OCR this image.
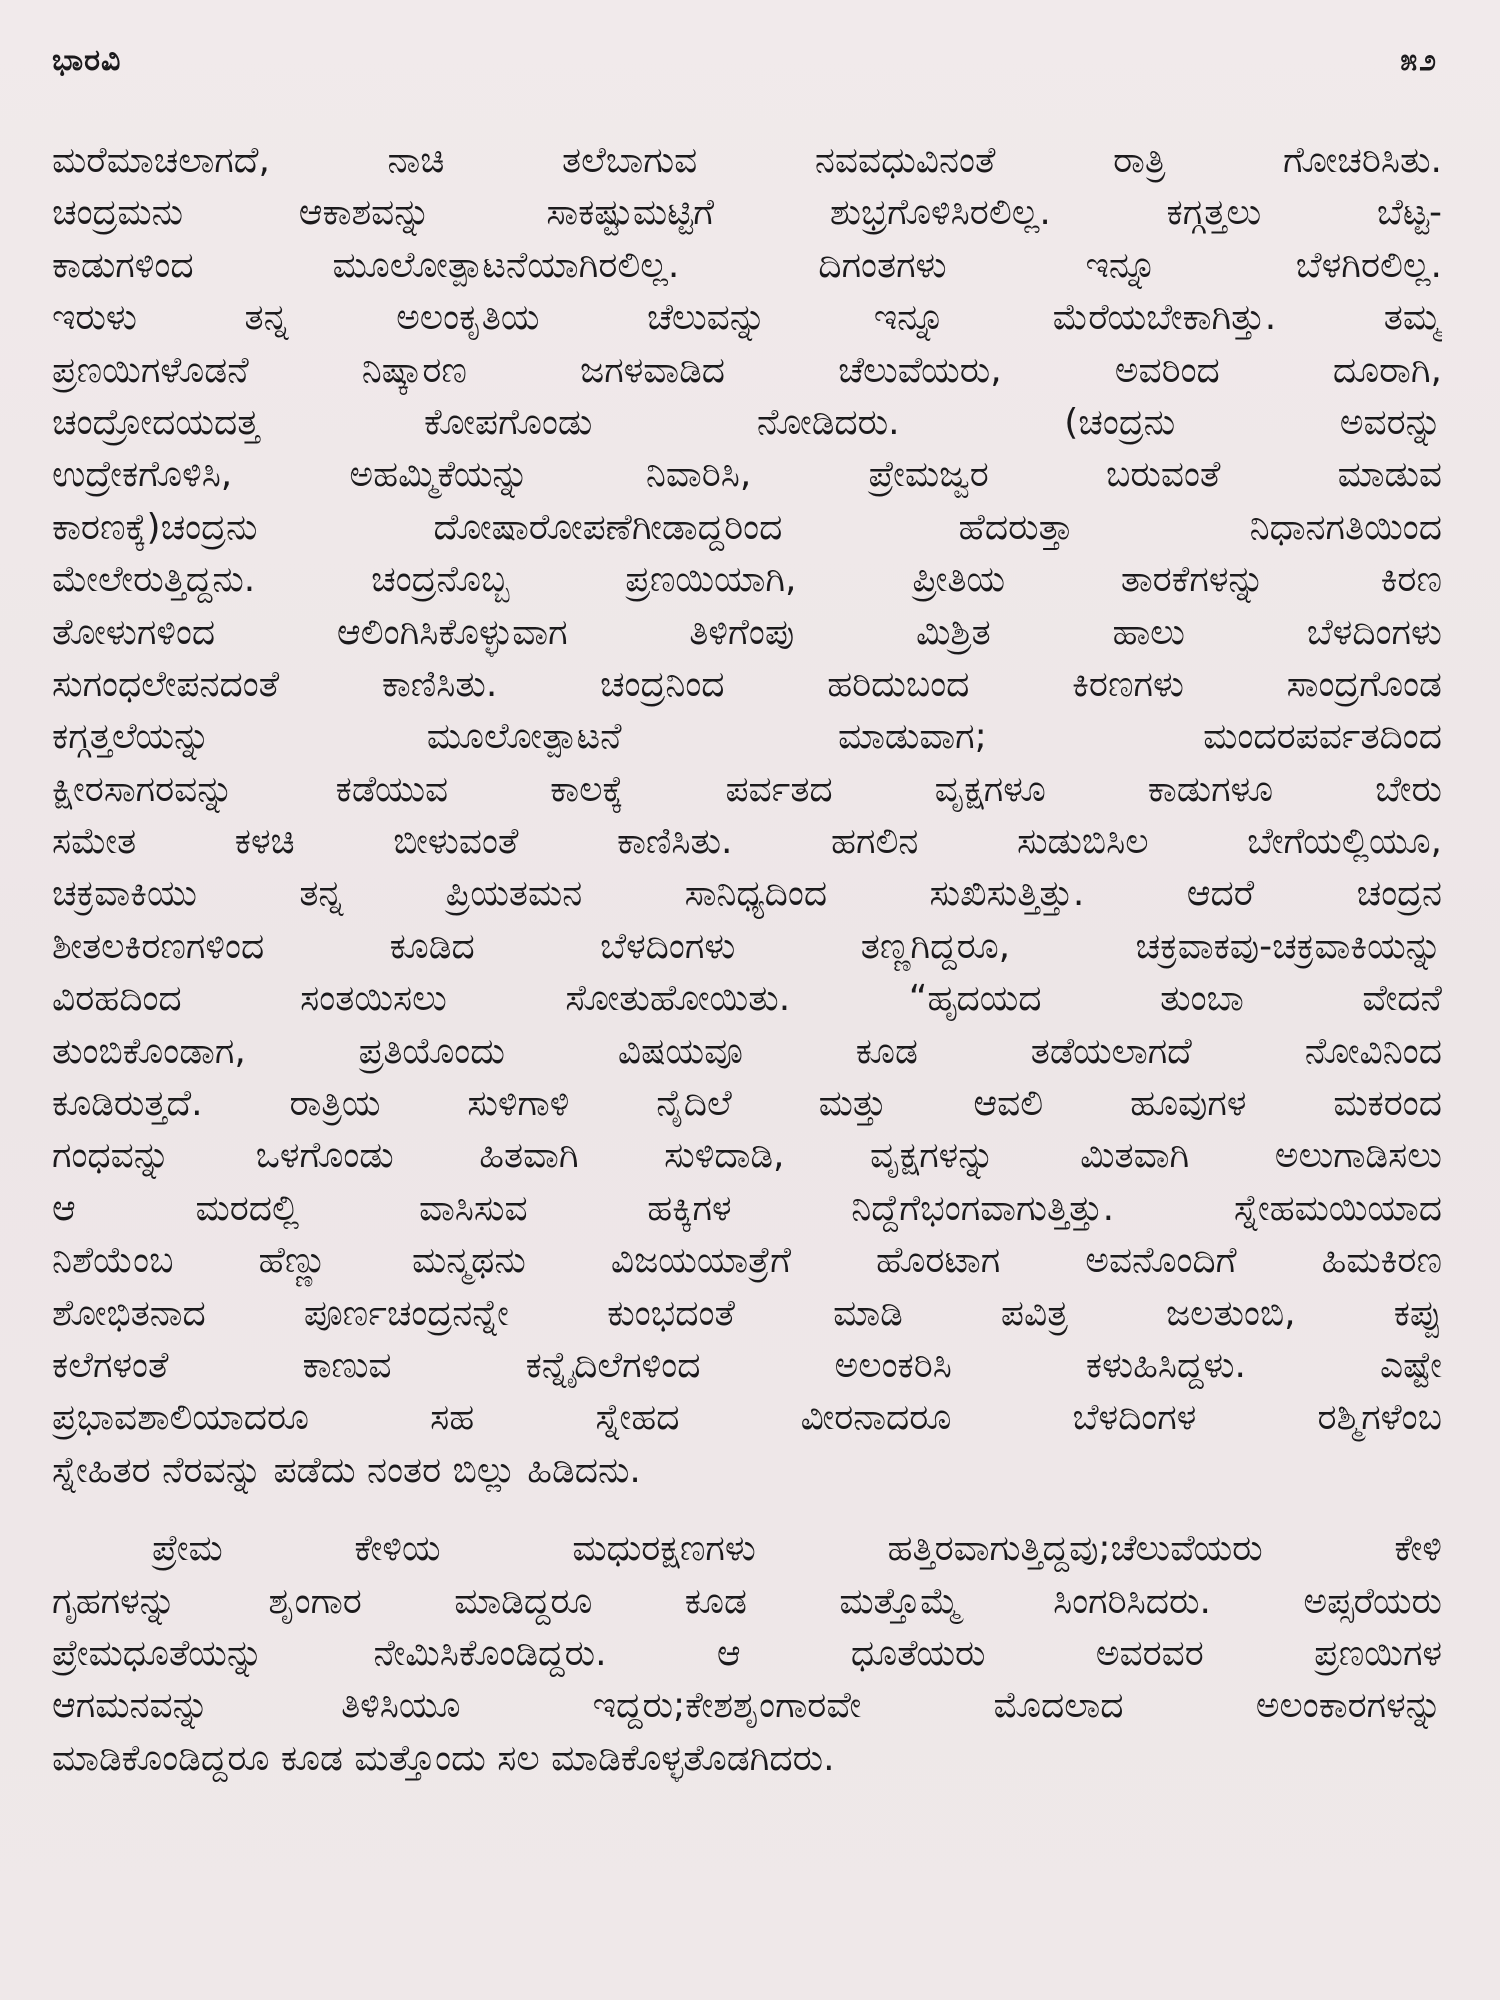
ಭಾರವಿ	೫೨
ಮರೆಮಾಚಲಾಗದೆ, ನಾಚಿ ತಲೆಬಾಗುವ ನವವಧುವಿನಂತೆ ರಾತ್ರಿ ಗೋಚರಿಸಿತು.
ಚಂದ್ರಮನು ಆಕಾಶವನ್ನು ಸಾಕಷ್ಟುಮಟ್ಟಿಗೆ ಶುಭ್ರಗೊಳಿಸಿರಲಿಲ್ಲ. ಕಗ್ಗತ್ತಲು ಬೆಟ್ಟ-
ಕಾಡುಗಳಿಂದ ಮೂಲೋತ್ಪಾಟನೆಯಾಗಿರಲಿಲ್ಲ. ದಿಗಂತಗಳು ಇನ್ನೂ ಬೆಳಗಿರಲಿಲ್ಲ.
ಇರುಳು ತನ್ನ ಅಲಂಕೃತಿಯ ಚೆಲುವನ್ನು ಇನ್ನೂ ಮೆರೆಯಬೇಕಾಗಿತ್ತು. ತಮ್ಮ
ಪ್ರಣಯಿಗಳೊಡನೆ ನಿಷ್ಕಾರಣ ಜಗಳವಾಡಿದ ಚೆಲುವೆಯರು, ಅವರಿಂದ ದೂರಾಗಿ,
ಚಂದ್ರೋದಯದತ್ತ ಕೋಪಗೊಂಡು ನೋಡಿದರು. (ಚಂದ್ರನು ಅವರನ್ನು
ಉದ್ರೇಕಗೊಳಿಸಿ, ಅಹಮ್ಮಿಕೆಯನ್ನು ನಿವಾರಿಸಿ, ಪ್ರೇಮಜ್ವರ ಬರುವಂತೆ ಮಾಡುವ
ಕಾರಣಕ್ಕೆ)ಚಂದ್ರನು ದೋಷಾರೋಪಣೆಗೀಡಾದ್ದರಿಂದ ಹೆದರುತ್ತಾ ನಿಧಾನಗತಿಯಿಂದ
ಮೇಲೇರುತ್ತಿದ್ದನು. ಚಂದ್ರನೊಬ್ಬ ಪ್ರಣಯಿಯಾಗಿ, ಪ್ರೀತಿಯ ತಾರಕೆಗಳನ್ನು ಕಿರಣ
ತೋಳುಗಳಿಂದ ಆಲಿಂಗಿಸಿಕೊಳ್ಳುವಾಗ ತಿಳಿಗೆಂಪು ಮಿಶ್ರಿತ ಹಾಲು ಬೆಳದಿಂಗಳು
ಸುಗಂಧಲೇಪನದಂತೆ ಕಾಣಿಸಿತು. ಚಂದ್ರನಿಂದ ಹರಿದುಬಂದ ಕಿರಣಗಳು ಸಾಂದ್ರಗೊಂಡ
ಕಗ್ಗತ್ತಲೆಯನ್ನು ಮೂಲೋತ್ಪಾಟನೆ ಮಾಡುವಾಗ; ಮಂದರಪರ್ವತದಿಂದ
ಕ್ಷೀರಸಾಗರವನ್ನು ಕಡೆಯುವ ಕಾಲಕ್ಕೆ ಪರ್ವತದ ವೃಕ್ಷಗಳೂ ಕಾಡುಗಳೂ ಬೇರು
ಸಮೇತ ಕಳಚಿ ಬೀಳುವಂತೆ ಕಾಣಿಸಿತು. ಹಗಲಿನ ಸುಡುಬಿಸಿಲ ಬೇಗೆಯಲ್ಲಿಯೂ,
ಚಕ್ರವಾಕಿಯು ತನ್ನ ಪ್ರಿಯತಮನ ಸಾನಿಧ್ಯದಿಂದ ಸುಖಿಸುತ್ತಿತ್ತು. ಆದರೆ ಚಂದ್ರನ
ಶೀತಲಕಿರಣಗಳಿಂದ ಕೂಡಿದ ಬೆಳದಿಂಗಳು ತಣ್ಣಗಿದ್ದರೂ, ಚಕ್ರವಾಕವು-ಚಕ್ರವಾಕಿಯನ್ನು
ವಿರಹದಿಂದ ಸಂತಯಿಸಲು ಸೋತುಹೋಯಿತು. “ಹೃದಯದ ತುಂಬಾ ವೇದನೆ
ತುಂಬಿಕೊಂಡಾಗ, ಪ್ರತಿಯೊಂದು ವಿಷಯವೂ ಕೂಡ ತಡೆಯಲಾಗದೆ ನೋವಿನಿಂದ
ಕೂಡಿರುತ್ತದೆ. ರಾತ್ರಿಯ ಸುಳಿಗಾಳಿ ನೈದಿಲೆ ಮತ್ತು ಆವಲಿ ಹೂವುಗಳ ಮಕರಂದ
ಗಂಧವನ್ನು ಒಳಗೊಂಡು ಹಿತವಾಗಿ ಸುಳಿದಾಡಿ, ವೃಕ್ಷಗಳನ್ನು ಮಿತವಾಗಿ ಅಲುಗಾಡಿಸಲು
ಆ ಮರದಲ್ಲಿ ವಾಸಿಸುವ ಹಕ್ಕಿಗಳ ನಿದ್ದೆಗೆಭಂಗವಾಗುತ್ತಿತ್ತು. ಸ್ನೇಹಮಯಿಯಾದ
ನಿಶೆಯೆಂಬ ಹೆಣ್ಣು ಮನ್ಮಥನು ವಿಜಯಯಾತ್ರೆಗೆ ಹೊರಟಾಗ ಅವನೊಂದಿಗೆ ಹಿಮಕಿರಣ
ಶೋಭಿತನಾದ ಪೂರ್ಣಚಂದ್ರನನ್ನೇ ಕುಂಭದಂತೆ ಮಾಡಿ ಪವಿತ್ರ ಜಲತುಂಬಿ, ಕಪ್ಪು
ಕಲೆಗಳಂತೆ ಕಾಣುವ ಕನ್ನೈದಿಲೆಗಳಿಂದ ಅಲಂಕರಿಸಿ ಕಳುಹಿಸಿದ್ದಳು. ಎಷ್ಟೇ
ಪ್ರಭಾವಶಾಲಿಯಾದರೂ ಸಹ ಸ್ನೇಹದ ವೀರನಾದರೂ ಬೆಳದಿಂಗಳ ರಶ್ಮಿಗಳೆಂಬ
ಸ್ನೇಹಿತರ ನೆರವನ್ನು ಪಡೆದು ನಂತರ ಬಿಲ್ಲು ಹಿಡಿದನು.
ಪ್ರೇಮ ಕೇಳಿಯ ಮಧುರಕ್ಷಣಗಳು ಹತ್ತಿರವಾಗುತ್ತಿದ್ದವು;ಚೆಲುವೆಯರು ಕೇಳಿ
ಗೃಹಗಳನ್ನು ಶೃಂಗಾರ ಮಾಡಿದ್ದರೂ ಕೂಡ ಮತ್ತೊಮ್ಮೆ ಸಿಂಗರಿಸಿದರು. ಅಪ್ಸರೆಯರು
ಪ್ರೇಮಧೂತೆಯನ್ನು ನೇಮಿಸಿಕೊಂಡಿದ್ದರು. ಆ ಧೂತೆಯರು ಅವರವರ ಪ್ರಣಯಿಗಳ
ಆಗಮನವನ್ನು ತಿಳಿಸಿಯೂ ಇದ್ದರು;ಕೇಶಶೃಂಗಾರವೇ ಮೊದಲಾದ ಅಲಂಕಾರಗಳನ್ನು
ಮಾಡಿಕೊಂಡಿದ್ದರೂ ಕೂಡ ಮತ್ತೊಂದು ಸಲ ಮಾಡಿಕೊಳ್ಳತೊಡಗಿದರು.
